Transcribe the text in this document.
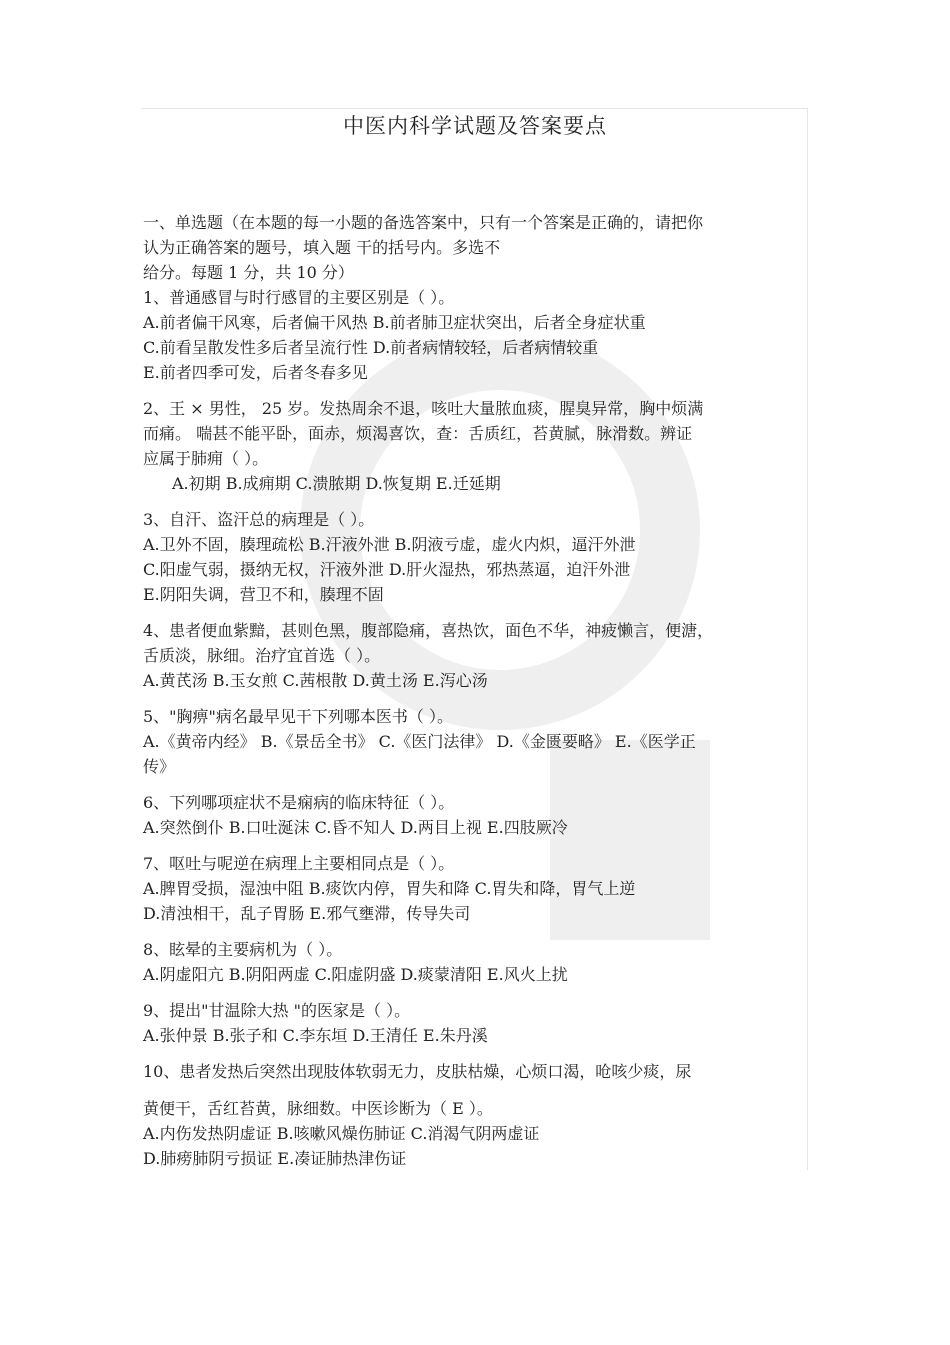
中医内科学试题及答案要点
一、单选题（在本题的每一小题的备选答案中，只有一个答案是正确的，请把你
认为正确答案的题号，填入题 干的括号内。多选不
给分。每题 1 分，共 10 分）
1、普通感冒与时行感冒的主要区别是（ ）。
A.前者偏干风寒，后者偏干风热 B.前者肺卫症状突出，后者全身症状重
C.前看呈散发性多后者呈流行性 D.前者病情较轻，后者病情较重
E.前者四季可发，后者冬春多见
2、王 × 男性， 25 岁。发热周余不退，咳吐大量脓血痰，腥臭异常，胸中烦满
而痛。 喘甚不能平卧，面赤，烦渴喜饮，查：舌质红，苔黄腻，脉滑数。辨证
应属于肺痈（ ）。
A.初期 B.成痈期 C.溃脓期 D.恢复期 E.迁延期
3、自汗、盗汗总的病理是（ ）。
A.卫外不固，腠理疏松 B.汗液外泄 B.阴液亏虚，虚火内炽，逼汗外泄
C.阳虚气弱，摄纳无权，汗液外泄 D.肝火湿热，邪热蒸逼，迫汗外泄
E.阴阳失调，营卫不和，腠理不固
4、患者便血紫黯，甚则色黑，腹部隐痛，喜热饮，面色不华，神疲懒言，便溏，
舌质淡，脉细。治疗宜首选（ ）。
A.黄芪汤 B.玉女煎 C.茜根散 D.黄土汤 E.泻心汤
5、"胸痹"病名最早见干下列哪本医书（ ）。
A.《黄帝内经》 B.《景岳全书》 C.《医门法律》 D.《金匮要略》 E.《医学正
传》
6、下列哪项症状不是痫病的临床特征（ ）。
A.突然倒仆 B.口吐涎沫 C.昏不知人 D.两目上视 E.四肢厥冷
7、呕吐与呢逆在病理上主要相同点是（ ）。
A.脾胃受损，湿浊中阻 B.痰饮内停，胃失和降 C.胃失和降，胃气上逆
D.清浊相干，乱子胃肠 E.邪气壅滞，传导失司
8、眩晕的主要病机为（ ）。
A.阴虚阳亢 B.阴阳两虚 C.阳虚阴盛 D.痰蒙清阳 E.风火上扰
9、提出"甘温除大热 "的医家是（ ）。
A.张仲景 B.张子和 C.李东垣 D.王清任 E.朱丹溪
10、患者发热后突然出现肢体软弱无力，皮肤枯燥，心烦口渴，呛咳少痰，尿
黄便干，舌红苔黄，脉细数。中医诊断为（ E ）。
A.内伤发热阴虚证 B.咳嗽风燥伤肺证 C.消渴气阴两虚证
D.肺痨肺阴亏损证 E.凑证肺热津伤证
